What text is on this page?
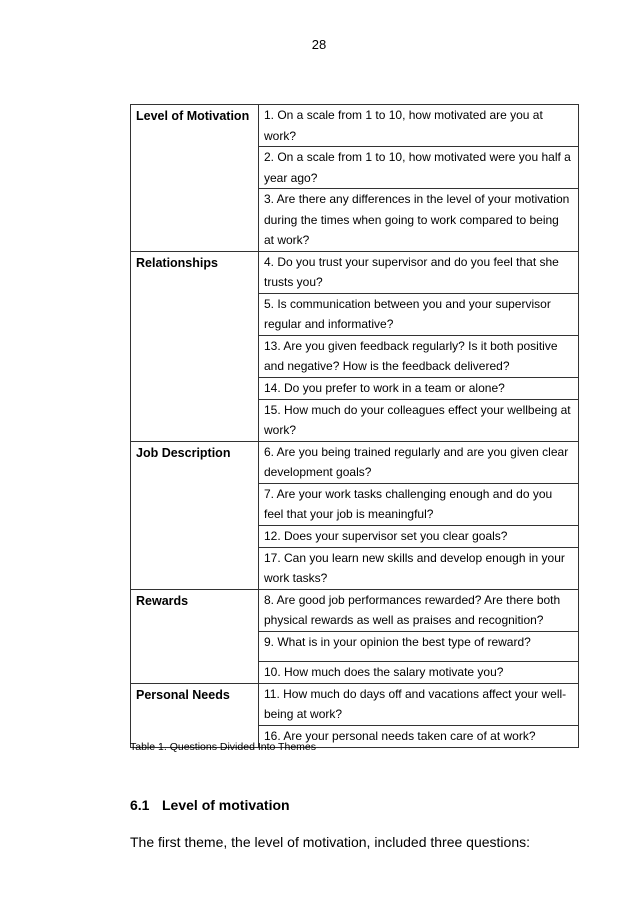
28
Level of Motivation	1. On a scale from 1 to 10, how motivated are you at work?
	2. On a scale from 1 to 10, how motivated were you half a year ago?
	3. Are there any differences in the level of your motivation during the times when going to work compared to being at work?
Relationships	4. Do you trust your supervisor and do you feel that she trusts you?
	5. Is communication between you and your supervisor regular and informative?
	13. Are you given feedback regularly? Is it both positive and negative? How is the feedback delivered?
	14. Do you prefer to work in a team or alone?
	15. How much do your colleagues effect your wellbeing at work?
Job Description	6. Are you being trained regularly and are you given clear development goals?
	7. Are your work tasks challenging enough and do you feel that your job is meaningful?
	12. Does your supervisor set you clear goals?
	17. Can you learn new skills and develop enough in your work tasks?
Rewards	8. Are good job performances rewarded? Are there both physical rewards as well as praises and recognition?
	9. What is in your opinion the best type of reward?
	10. How much does the salary motivate you?
Personal Needs	11. How much do days off and vacations affect your well-being at work?
	16. Are your personal needs taken care of at work?
Table 1. Questions Divided Into Themes
6.1 Level of motivation
The first theme, the level of motivation, included three questions:
